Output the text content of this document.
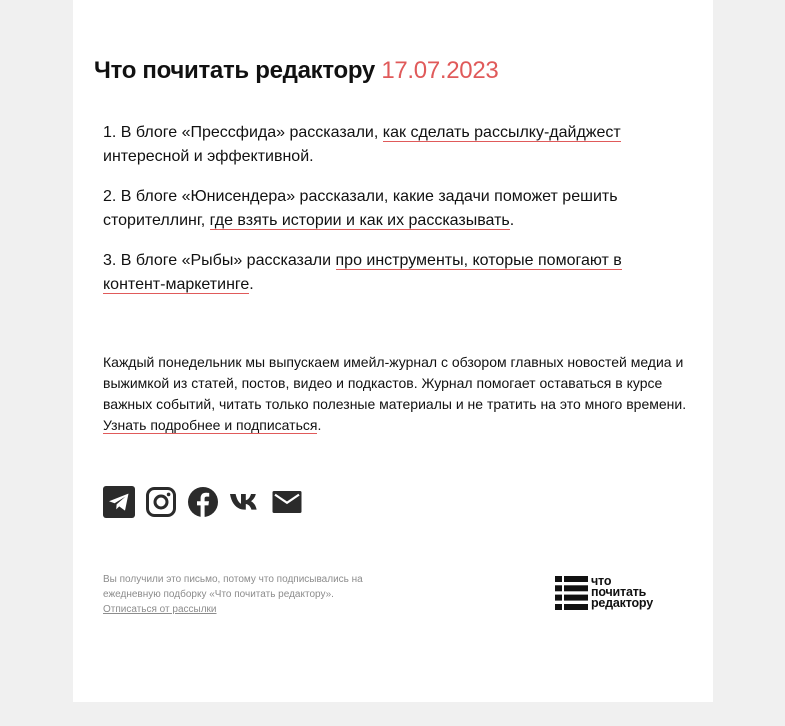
Что почитать редактору 17.07.2023

1. В блоге «Прессфида» рассказали, как сделать рассылку-дайджест интересной и эффективной.

2. В блоге «Юнисендера» рассказали, какие задачи поможет решить сторителлинг, где взять истории и как их рассказывать.

3. В блоге «Рыбы» рассказали про инструменты, которые помогают в контент-маркетинге.

Каждый понедельник мы выпускаем имейл-журнал с обзором главных новостей медиа и выжимкой из статей, постов, видео и подкастов. Журнал помогает оставаться в курсе важных событий, читать только полезные материалы и не тратить на это много времени. Узнать подробнее и подписаться.
Вы получили это письмо, потому что подписывались на ежедневную подборку «Что почитать редактору».
Отписаться от рассылки
что
почитать
редактору
